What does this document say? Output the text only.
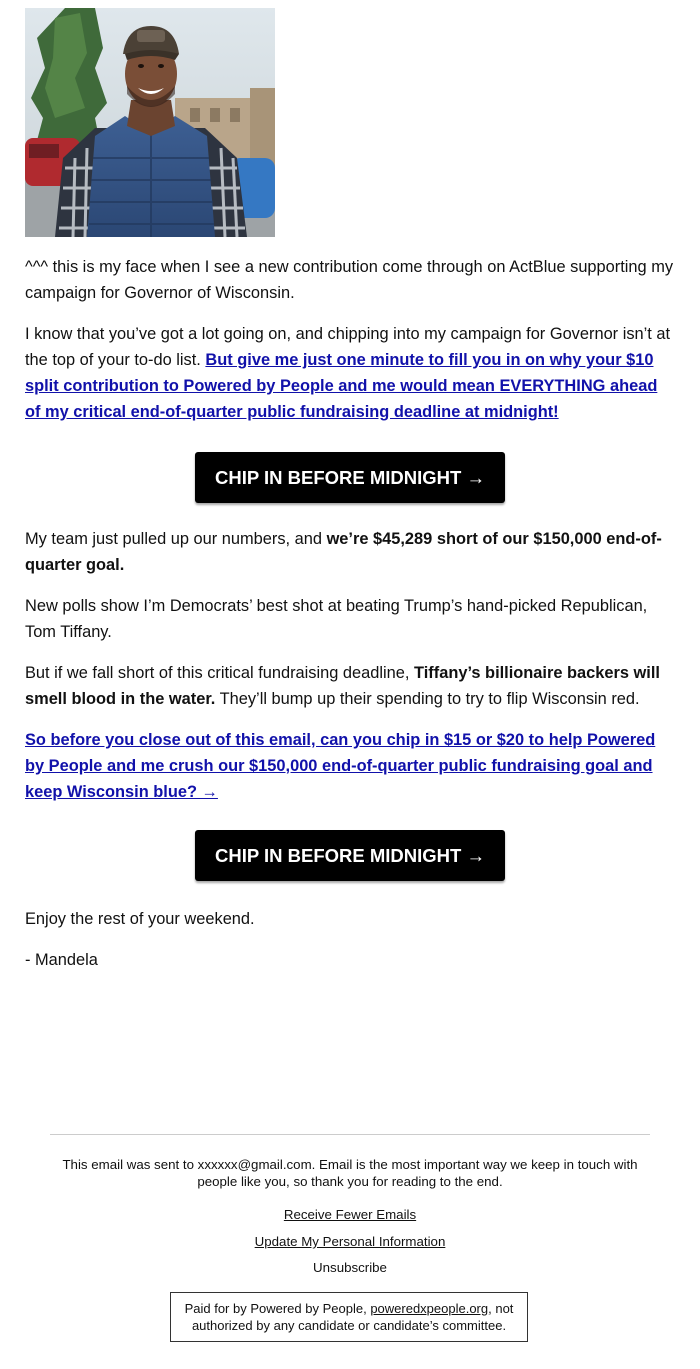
^^^ this is my face when I see a new contribution come through on ActBlue supporting my campaign for Governor of Wisconsin.

I know that you’ve got a lot going on, and chipping into my campaign for Governor isn’t at the top of your to-do list. But give me just one minute to fill you in on why your $10 split contribution to Powered by People and me would mean EVERYTHING ahead of my critical end-of-quarter public fundraising deadline at midnight!

CHIP IN BEFORE MIDNIGHT →

My team just pulled up our numbers, and we’re $45,289 short of our $150,000 end-of-quarter goal.

New polls show I’m Democrats’ best shot at beating Trump’s hand-picked Republican, Tom Tiffany.

But if we fall short of this critical fundraising deadline, Tiffany’s billionaire backers will smell blood in the water. They’ll bump up their spending to try to flip Wisconsin red.

So before you close out of this email, can you chip in $15 or $20 to help Powered by People and me crush our $150,000 end-of-quarter public fundraising goal and keep Wisconsin blue? →

CHIP IN BEFORE MIDNIGHT →

Enjoy the rest of your weekend.

- Mandela

This email was sent to xxxxxx@gmail.com. Email is the most important way we keep in touch with people like you, so thank you for reading to the end.

Receive Fewer Emails
Update My Personal Information
Unsubscribe
Paid for by Powered by People, poweredxpeople.org, not authorized by any candidate or candidate’s committee.
